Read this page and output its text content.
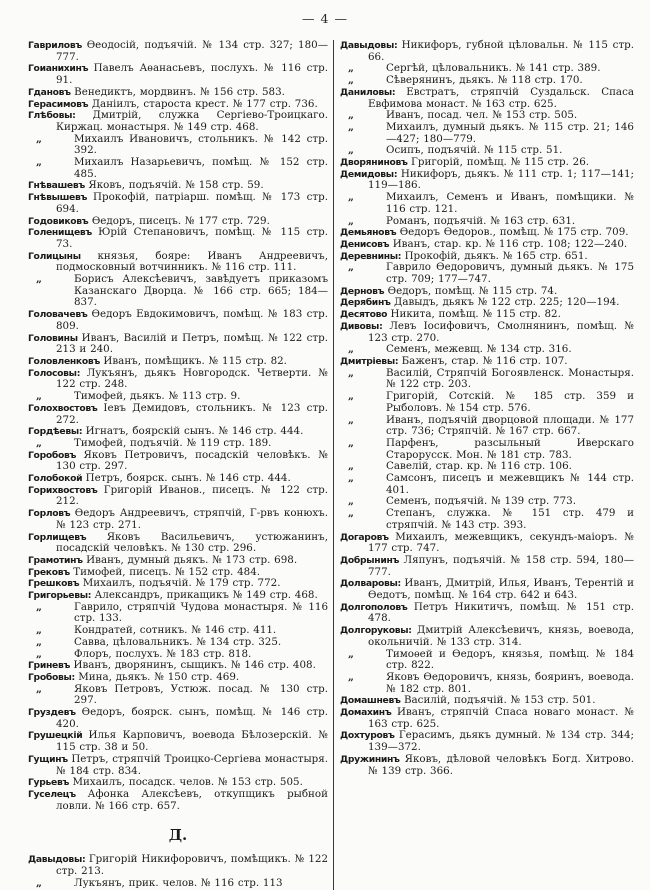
— 4 —

Гавриловъ Ѳеодосій, подъячій. № 134 стр. 327; 180—777.

Гоианихинъ Павелъ Аѳанасьевъ, послухъ. № 116 стр. 91.

Гдановъ Венедиктъ, мордвинъ. № 156 стр. 583.

Герасимовъ Даніилъ, староста крест. № 177 стр. 736.

Глѣбовы: Дмитрій, служка Сергіево-Троицкаго. Киржац. монастыря. № 149 стр. 468.

„	Михаилъ Ивановичъ, стольникъ. № 142 стр. 392.

„	Михаилъ Назарьевичъ, помѣщ. № 152 стр. 485.

Гнѣвашевъ Яковъ, подъячій. № 158 стр. 59.

Гнѣвышевъ Прокофій, патріарш. помѣщ. № 173 стр. 694.

Годовиковъ Ѳедоръ, писецъ. № 177 стр. 729.

Голенищевъ Юрій Степановичъ, помѣщ. № 115 стр. 73.

Голицыны князья, бояре: Иванъ Андреевичъ, подмосковный вотчинникъ. № 116 стр. 111.

„	Борисъ Алексѣевичъ, завѣдуетъ приказомъ Казанскаго Дворца. № 166 стр. 665; 184—837.

Головачевъ Ѳедоръ Евдокимовичъ, помѣщ. № 183 стр. 809.

Головины Иванъ, Василій и Петръ, помѣщ. № 122 стр. 213 и 240.

Головленковъ Иванъ, помѣщикъ. № 115 стр. 82.

Голосовы: Лукъянъ, дьякъ Новгородск. Четверти. № 122 стр. 248.

„	Тимофей, дьякъ. № 113 стр. 9.

Голохвостовъ Іевъ Демидовъ, стольникъ. № 123 стр. 272.

Гордѣевы: Игнатъ, боярскій сынъ. № 146 стр. 444.

„	Тимофей, подъячій. № 119 стр. 189.

Горобовъ Яковъ Петровичъ, посадскій человѣкъ. № 130 стр. 297.

Голобокой Петръ, боярск. сынъ. № 146 стр. 444.

Горихвостовъ Григорій Иванов., писецъ. № 122 стр. 212.

Горловъ Ѳедоръ Андреевичъ, стряпчій, Г-рвъ конюхъ. № 123 стр. 271.

Горлищевъ Яковъ Васильевичъ, устюжанинъ, посадскій человѣкъ. № 130 стр. 296.

Грамотинъ Иванъ, думный дьякъ. № 173 стр. 698.

Грековъ Тимофей, писецъ. № 152 стр. 484.

Грешковъ Михаилъ, подъячій. № 179 стр. 772.

Григорьевы: Александръ, прикащикъ № 149 стр. 468.

„	Гаврило, стряпчій Чудова монастыря. № 116 стр. 133.

„	Кондратей, сотникъ. № 146 стр. 411.

„	Савва, цѣловальникъ. № 134 стр. 325.

„	Флоръ, послухъ. № 183 стр. 818.

Гриневъ Иванъ, дворянинъ, сыщикъ. № 146 стр. 408.

Гробовы: Мина, дьякъ. № 150 стр. 469.

„	Яковъ Петровъ, Устюж. посад. № 130 стр. 297.

Груздевъ Ѳедоръ, боярск. сынъ, помѣщ. № 146 стр. 420.

Грушецкій Илья Карповичъ, воевода Бѣлозерскій. № 115 стр. 38 и 50.

Гущинъ Петръ, стряпчій Троицко-Сергіева монастыря. № 184 стр. 834.

Гурьевъ Михаилъ, посадск. челов. № 153 стр. 505.

Гуселецъ Афонка Алексѣевъ, откупщикъ рыбной ловли. № 166 стр. 657.

Д.

Давыдовы: Григорій Никифоровичъ, помѣщикъ. № 122 стр. 213.

„	Лукъянъ, прик. челов. № 116 стр. 113

Давыдовы: Никифоръ, губной цѣловальн. № 115 стр. 66.

„	Сергѣй, цѣловальникъ. № 141 стр. 389.

„	Сѣверянинъ, дьякъ. № 118 стр. 170.

Даниловы: Евстратъ, стряпчій Суздальск. Спаса Евфимова монаст. № 163 стр. 625.

„	Иванъ, посад. чел. № 153 стр. 505.

„	Михаилъ, думный дьякъ. № 115 стр. 21; 146—427; 180—779.

„	Осипъ, подъячій. № 115 стр. 51.

Дворяниновъ Григорій, помѣщ. № 115 стр. 26.

Демидовы: Никифоръ, дьякъ. № 111 стр. 1; 117—141; 119—186.

„	Михаилъ, Семенъ и Иванъ, помѣщики. № 116 стр. 121.

„	Романъ, подъячій. № 163 стр. 631.

Демьяновъ Ѳедоръ Ѳедоров., помѣщ. № 175 стр. 709.

Денисовъ Иванъ, стар. кр. № 116 стр. 108; 122—240.

Деревнины: Прокофій, дьякъ. № 165 стр. 651.

„	Гаврило Ѳедоровичъ, думный дьякъ. № 175 стр. 709; 177—747.

Дерновъ Ѳедоръ, помѣщ. № 115 стр. 74.

Дерябинъ Давыдъ, дьякъ № 122 стр. 225; 120—194.

Десятово Никита, помѣщ. № 115 стр. 82.

Дивовы: Левъ Іосифовичъ, Смолнянинъ, помѣщ. № 123 стр. 270.

„	Семенъ, межевщ. № 134 стр. 316.

Дмитріевы: Баженъ, стар. № 116 стр. 107.

„	Василій, Стряпчій Богоявленск. Монастыря. № 122 стр. 203.

„	Григорій, Сотскій. № 185 стр. 359 и Рыболовъ. № 154 стр. 576.

„	Иванъ, подъячій дворцовой площади. № 177 стр. 736; Стряпчій. № 167 стр. 667.

„	Парфенъ, разсыльный Иверскаго Старорусск. Мон. № 181 стр. 783.

„	Савелій, стар. кр. № 116 стр. 106.

„	Самсонъ, писецъ и межевщикъ № 144 стр. 401.

„	Семенъ, подъячій. № 139 стр. 773.

„	Степанъ, служка. № 151 стр. 479 и стряпчій. № 143 стр. 393.

Догаровъ Михаилъ, межевщикъ, секундъ-маіоръ. № 177 стр. 747.

Добрынинъ Ляпунъ, подъячій. № 158 стр. 594, 180—777.

Долваровы: Иванъ, Дмитрій, Илья, Иванъ, Терентій и Ѳедотъ, помѣщ. № 164 стр. 642 и 643.

Долгополовъ Петръ Никитичъ, помѣщ. № 151 стр. 478.

Долгоруковы: Дмитрій Алексѣевичъ, князь, воевода, окольничій. № 133 стр. 314.

„	Тимоѳей и Ѳедоръ, князья, помѣщ. № 184 стр. 822.

„	Яковъ Ѳедоровичъ, князь, бояринъ, воевода. № 182 стр. 801.

Домашневъ Василій, подъячій. № 153 стр. 501.

Домахинъ Иванъ, стряпчій Спаса новаго монаст. № 163 стр. 625.

Дохтуровъ Герасимъ, дьякъ думный. № 134 стр. 344; 139—372.

Дружининъ Яковъ, дѣловой человѣкъ Богд. Хитрово. № 139 стр. 366.
